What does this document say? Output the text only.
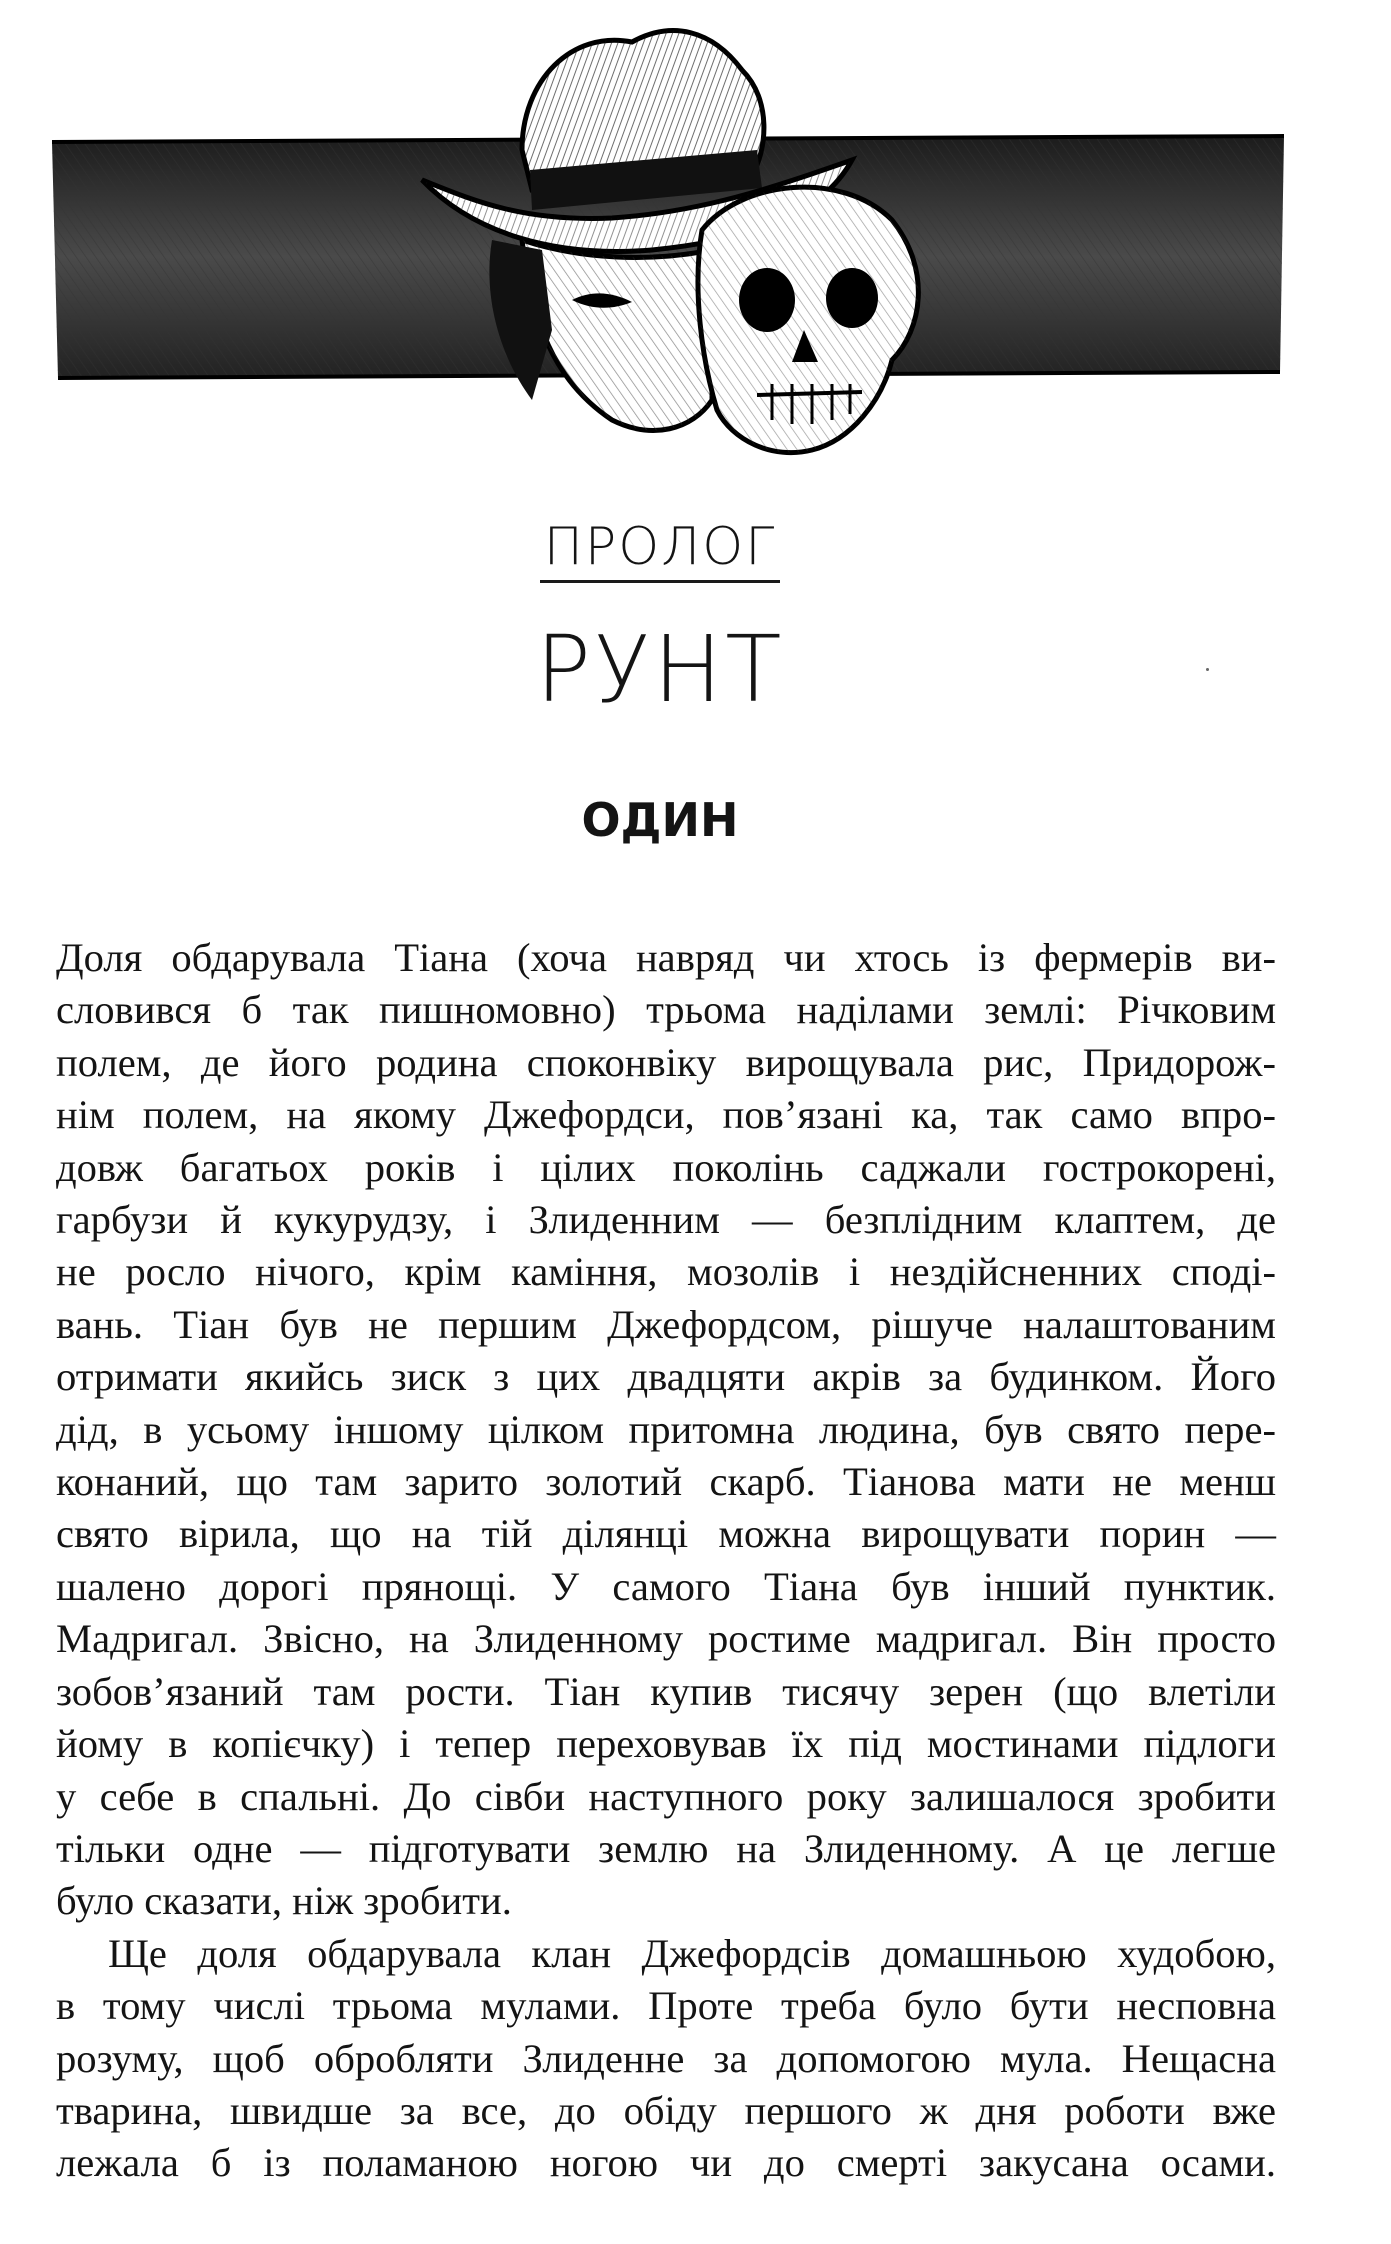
ПРОЛОГ
РУНТ
ОДИН
Доля обдарувала Тіана (хоча навряд чи хтось із фермерів ви-
словився б так пишномовно) трьома наділами землі: Річковим
полем, де його родина споконвіку вирощувала рис, Придорож-
нім полем, на якому Джефордси, пов’язані ка, так само впро-
довж багатьох років і цілих поколінь саджали гострокорені,
гарбузи й кукурудзу, і Злиденним — безплідним клаптем, де
не росло нічого, крім каміння, мозолів і нездійсненних споді-
вань. Тіан був не першим Джефордсом, рішуче налаштованим
отримати якийсь зиск з цих двадцяти акрів за будинком. Його
дід, в усьому іншому цілком притомна людина, був свято пере-
конаний, що там зарито золотий скарб. Тіанова мати не менш
свято вірила, що на тій ділянці можна вирощувати порин —
шалено дорогі прянощі. У самого Тіана був інший пунктик.
Мадригал. Звісно, на Злиденному ростиме мадригал. Він просто
зобов’язаний там рости. Тіан купив тисячу зерен (що влетіли
йому в копієчку) і тепер переховував їх під мостинами підлоги
у себе в спальні. До сівби наступного року залишалося зробити
тільки одне — підготувати землю на Злиденному. А це легше
було сказати, ніж зробити.
Ще доля обдарувала клан Джефордсів домашньою худобою,
в тому числі трьома мулами. Проте треба було бути несповна
розуму, щоб обробляти Злиденне за допомогою мула. Нещасна
тварина, швидше за все, до обіду першого ж дня роботи вже
лежала б із поламаною ногою чи до смерті закусана осами.
